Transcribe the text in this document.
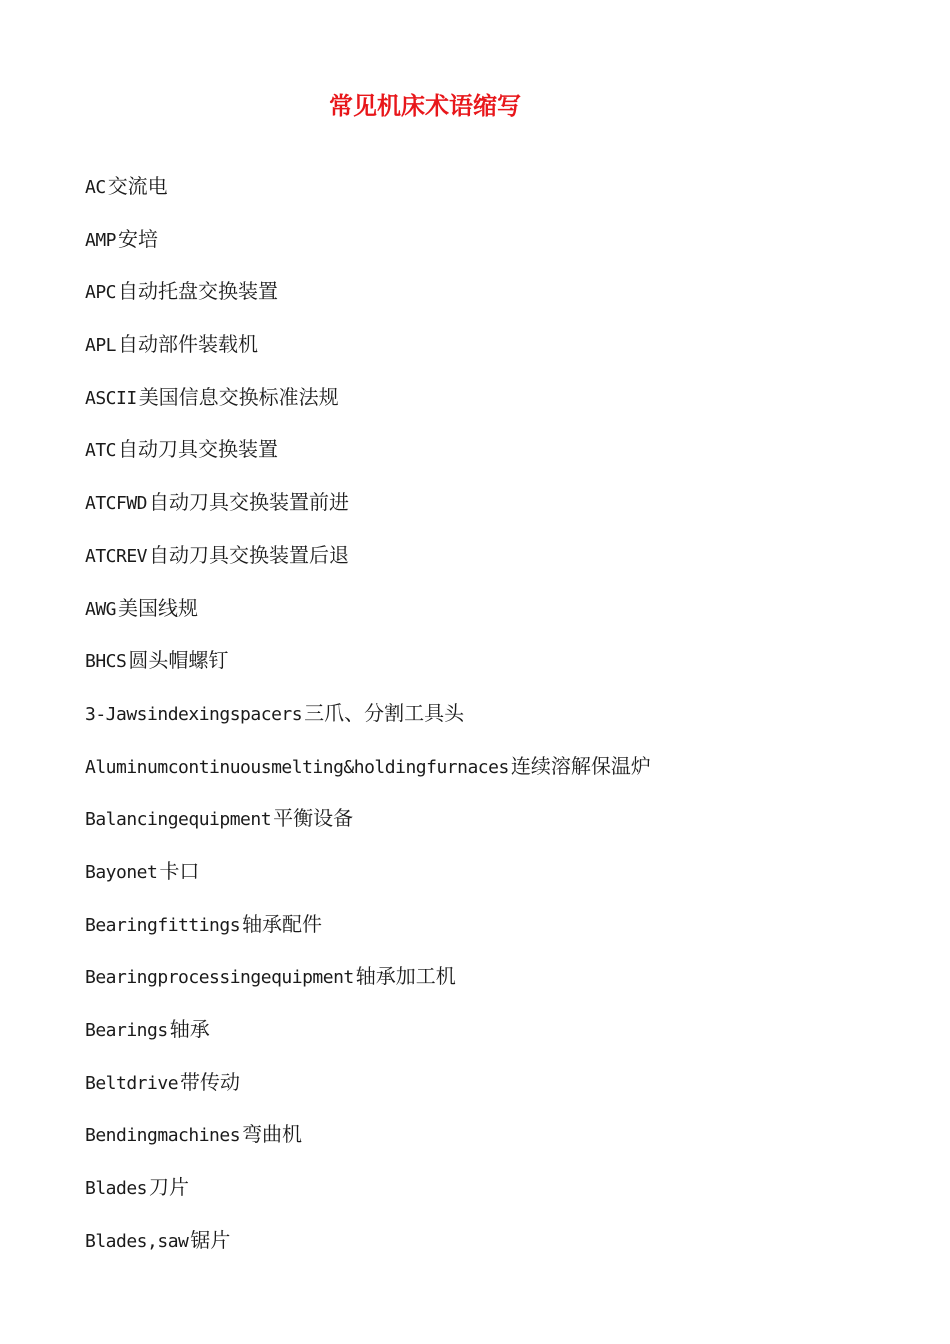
常见机床术语缩写
AC 交流电
AMP 安培
APC 自动托盘交换装置
APL 自动部件装载机
ASCII 美国信息交换标准法规
ATC 自动刀具交换装置
ATCFWD 自动刀具交换装置前进
ATCREV 自动刀具交换装置后退
AWG 美国线规
BHCS 圆头帽螺钉
3-Jawsindexingspacers 三爪、分割工具头
Aluminumcontinuousmelting&holdingfurnaces 连续溶解保温炉
Balancingequipment 平衡设备
Bayonet 卡口
Bearingfittings 轴承配件
Bearingprocessingequipment 轴承加工机
Bearings 轴承
Beltdrive 带传动
Bendingmachines 弯曲机
Blades 刀片
Blades,saw 锯片
